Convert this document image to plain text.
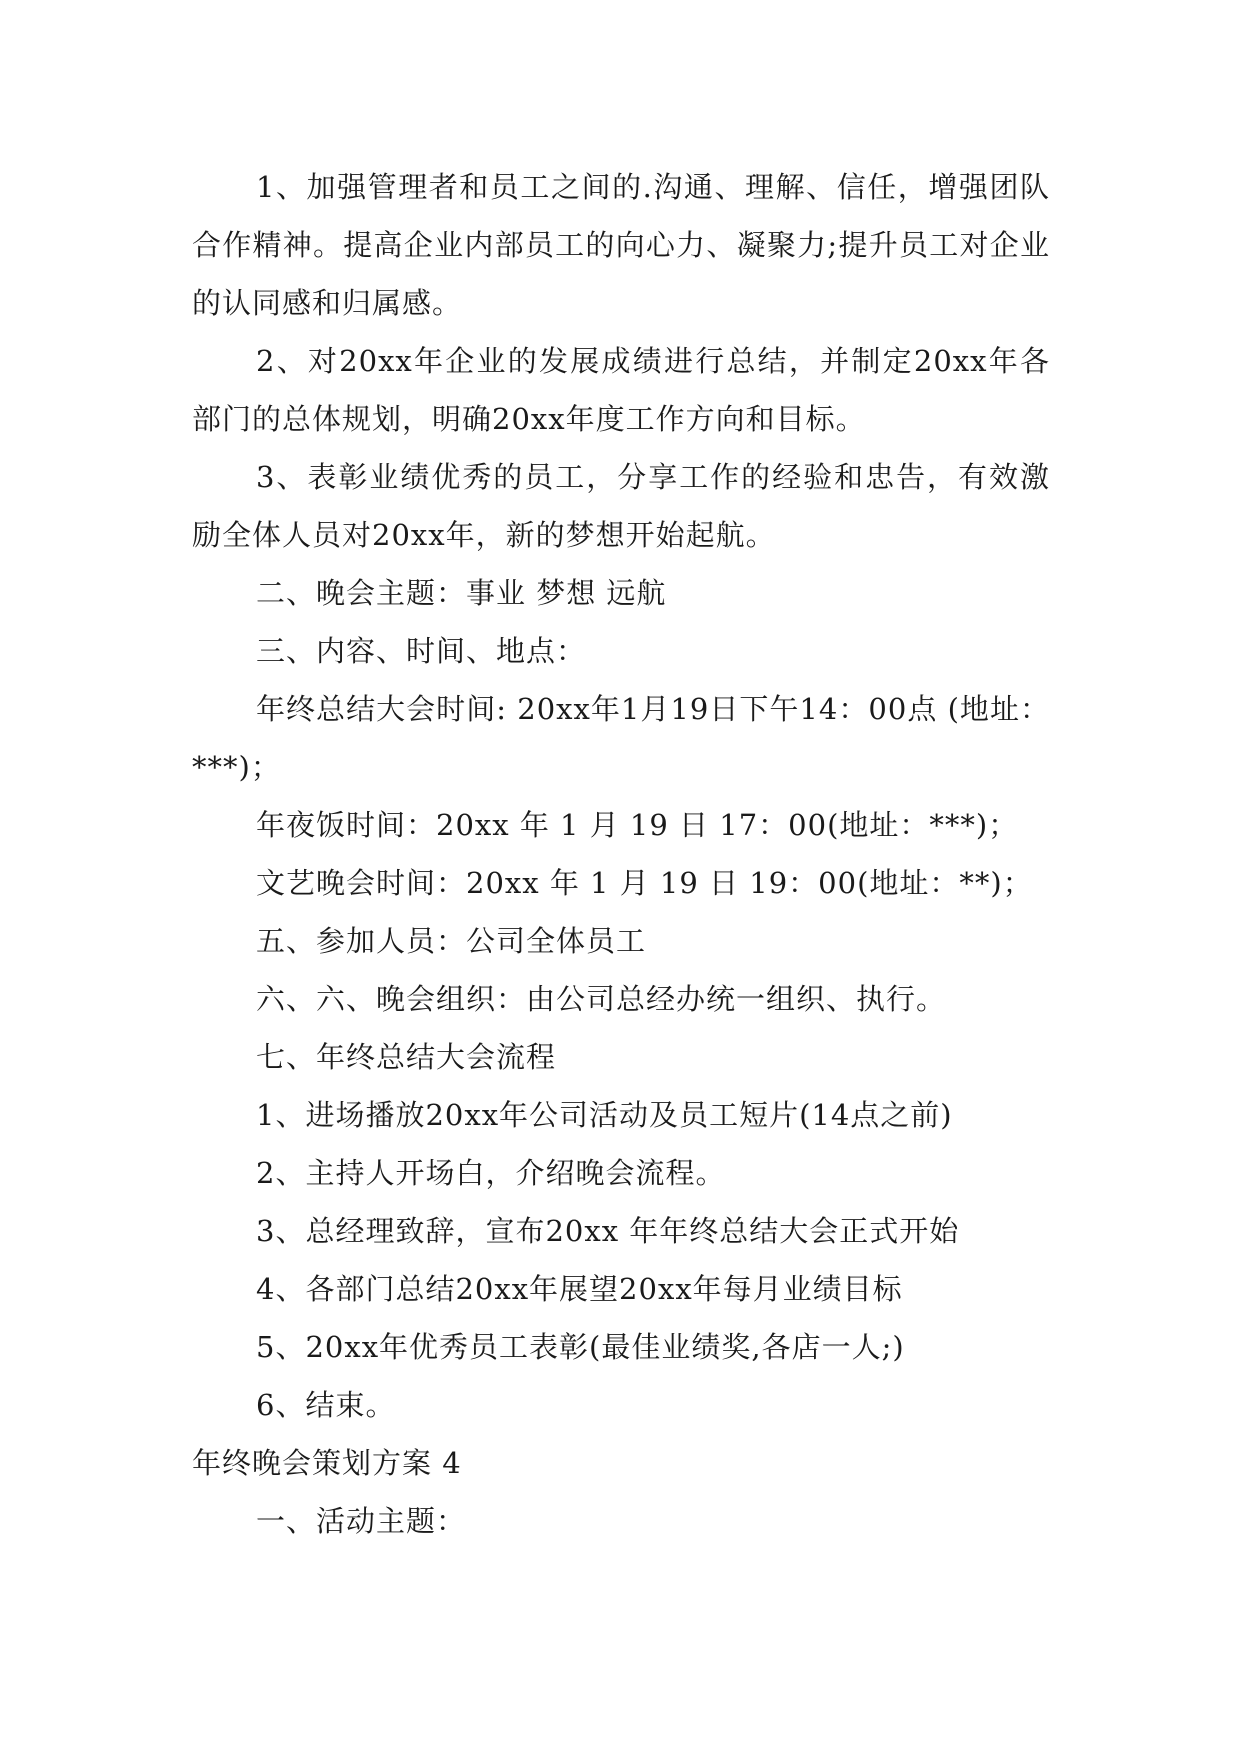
1、加强管理者和员工之间的.沟通、理解、信任，增强团队合作精神。提高企业内部员工的向心力、凝聚力;提升员工对企业的认同感和归属感。

2、对20xx年企业的发展成绩进行总结，并制定20xx年各部门的总体规划，明确20xx年度工作方向和目标。

3、表彰业绩优秀的员工，分享工作的经验和忠告，有效激励全体人员对20xx年，新的梦想开始起航。

二、晚会主题：事业 梦想 远航

三、内容、时间、地点：

年终总结大会时间: 20xx年1月19日下午14：00点 (地址：***)；

年夜饭时间：20xx 年 1 月 19 日 17：00(地址：***)；

文艺晚会时间：20xx 年 1 月 19 日 19：00(地址：**)；

五、参加人员：公司全体员工

六、六、晚会组织：由公司总经办统一组织、执行。

七、年终总结大会流程

1、进场播放20xx年公司活动及员工短片(14点之前)

2、主持人开场白，介绍晚会流程。

3、总经理致辞，宣布20xx 年年终总结大会正式开始

4、各部门总结20xx年展望20xx年每月业绩目标

5、20xx年优秀员工表彰(最佳业绩奖,各店一人;)

6、结束。

年终晚会策划方案 4

一、活动主题：
